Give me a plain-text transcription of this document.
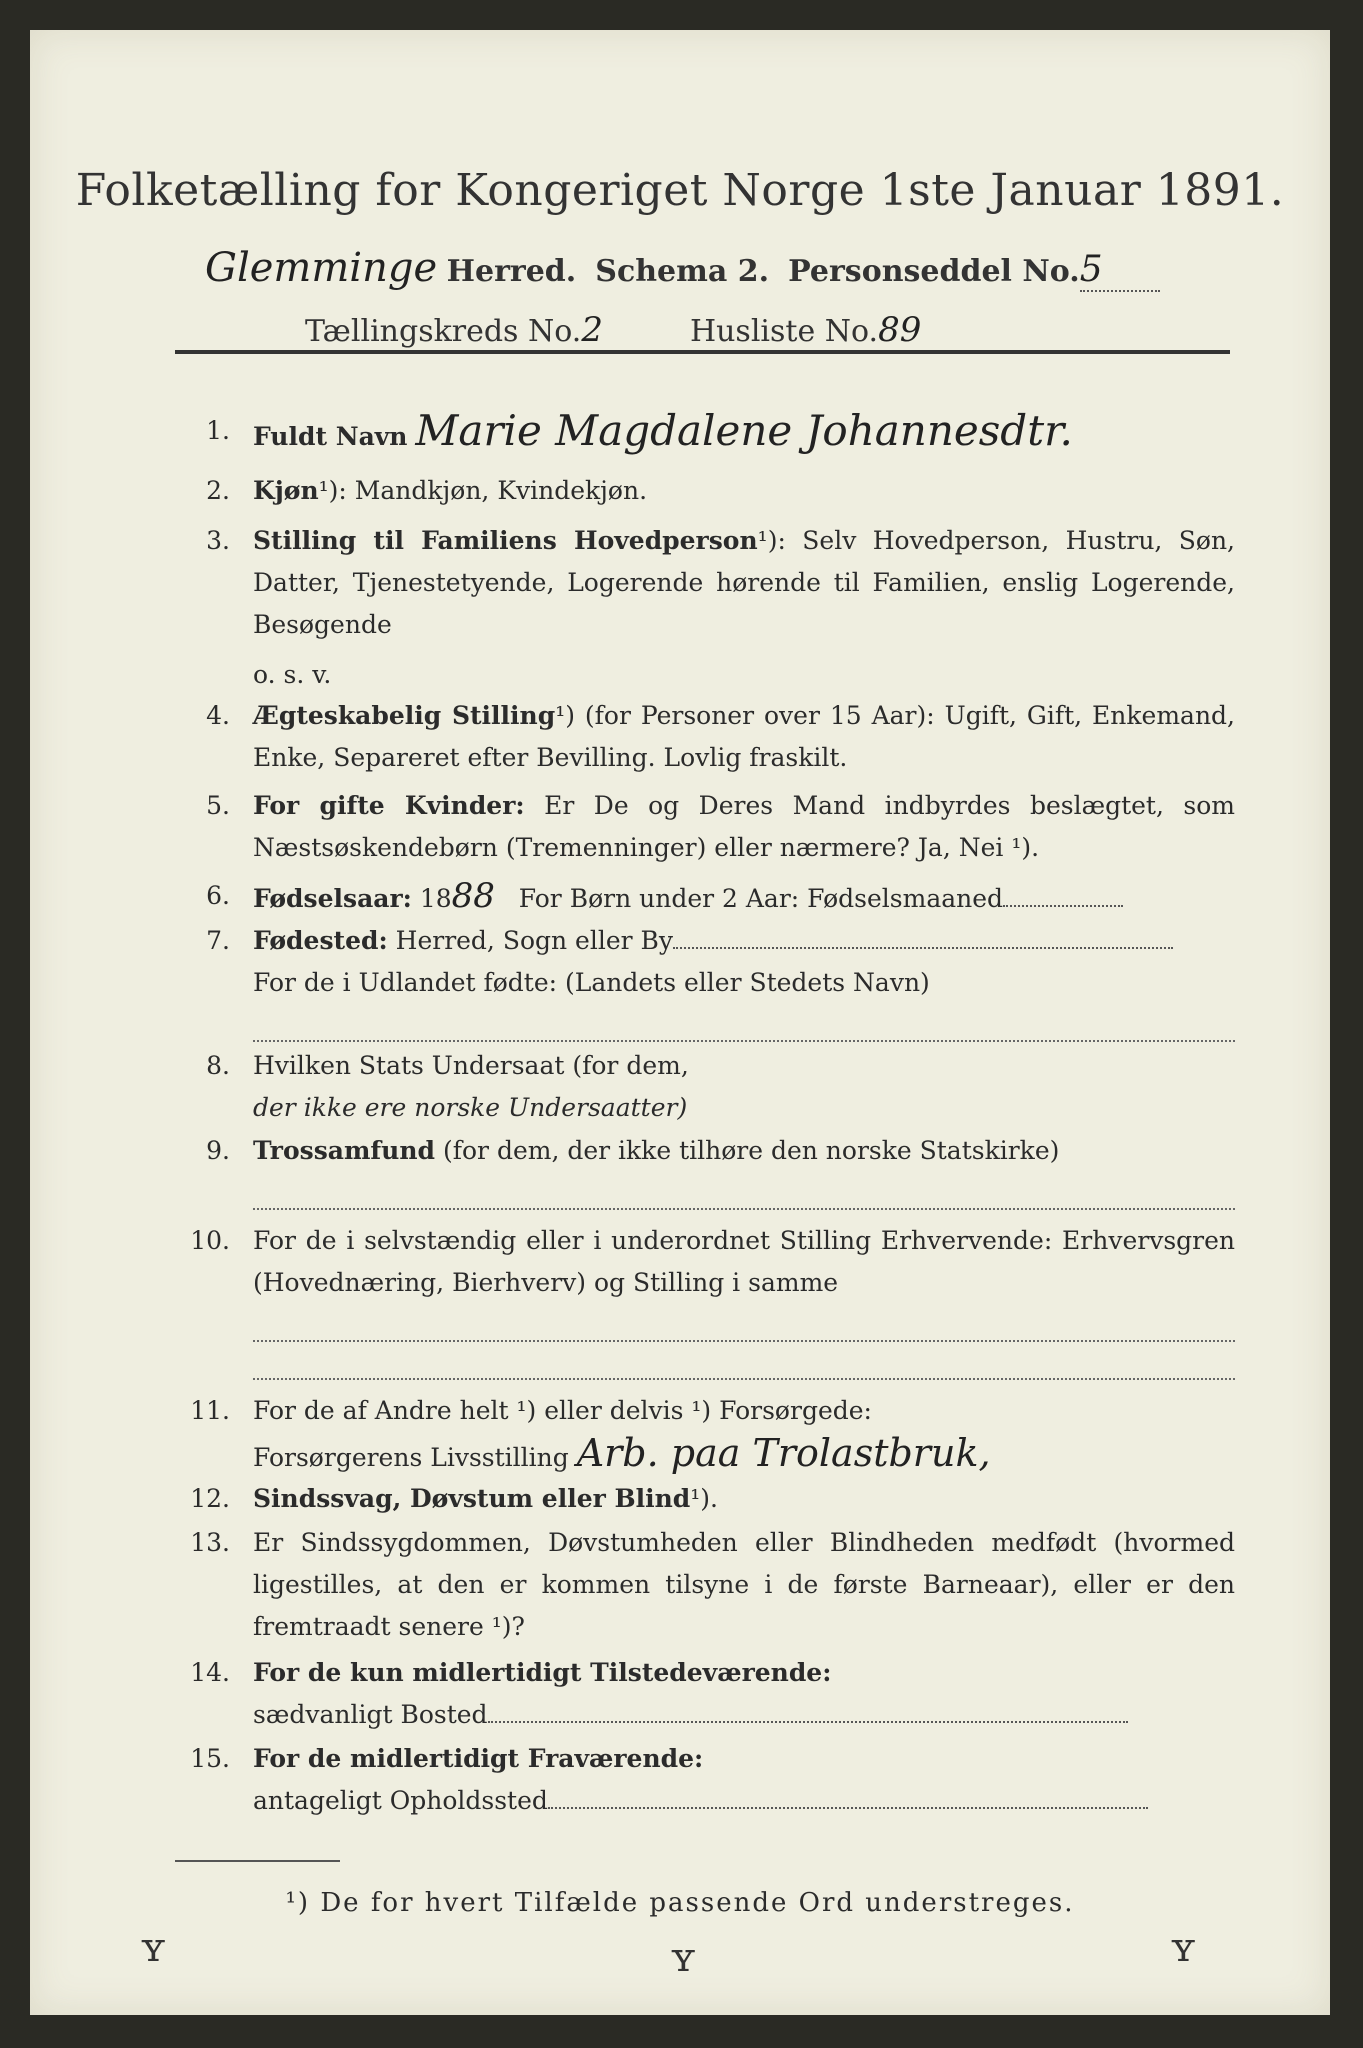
Folketælling for Kongeriget Norge 1ste Januar 1891.
Glemminge Herred. Schema 2. Personseddel No.5
Tællingskreds No.2	Husliste No.89
1. Fuldt Navn Marie Magdalene Johannesdtr.
2. Kjøn¹): Mandkjøn, Kvindekjøn.
3. Stilling til Familiens Hovedperson¹): Selv Hovedperson, Hustru, Søn, Datter, Tjenestetyende, Logerende hørende til Familien, enslig Logerende, Besøgende
o. s. v.
4. Ægteskabelig Stilling¹) (for Personer over 15 Aar): Ugift, Gift, Enkemand, Enke, Separeret efter Bevilling. Lovlig fraskilt.
5. For gifte Kvinder: Er De og Deres Mand indbyrdes beslægtet, som Næstsøskendebørn (Tremenninger) eller nærmere? Ja, Nei ¹).
6. Fødselsaar: 1888 For Børn under 2 Aar: Fødselsmaaned
7. Fødested: Herred, Sogn eller By
For de i Udlandet fødte: (Landets eller Stedets Navn)
8. Hvilken Stats Undersaat (for dem,
der ikke ere norske Undersaatter)
9. Trossamfund (for dem, der ikke tilhøre den norske Statskirke)
10. For de i selvstændig eller i underordnet Stilling Erhvervende: Erhvervsgren (Hovednæring, Bierhverv) og Stilling i samme
11. For de af Andre helt ¹) eller delvis ¹) Forsørgede:
Forsørgerens Livsstilling Arb. paa Trolastbruk,
12. Sindssvag, Døvstum eller Blind¹).
13. Er Sindssygdommen, Døvstumheden eller Blindheden medfødt (hvormed ligestilles, at den er kommen tilsyne i de første Barneaar), eller er den fremtraadt senere ¹)?
14. For de kun midlertidigt Tilstedeværende:
sædvanligt Bosted
15. For de midlertidigt Fraværende:
antageligt Opholdssted
¹) De for hvert Tilfælde passende Ord understreges.
ʏ	ʏ	ʏ
